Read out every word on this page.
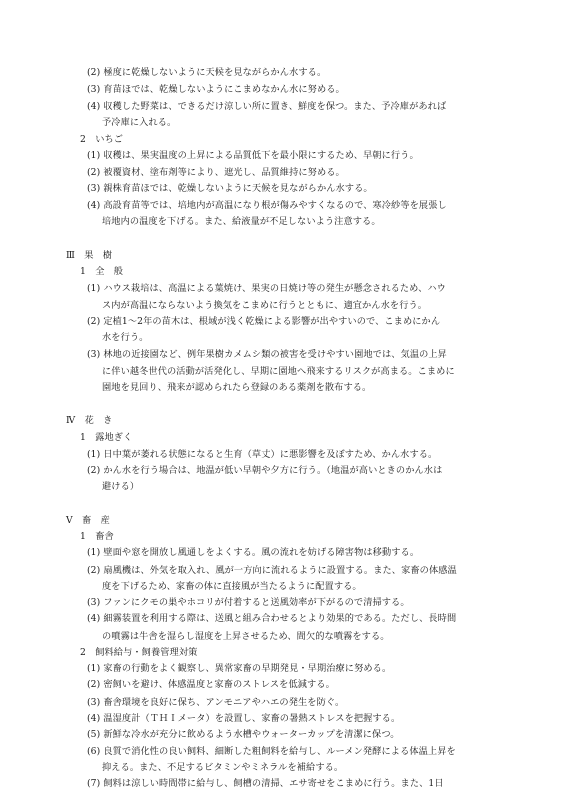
(2) 極度に乾燥しないように天候を見ながらかん水する。
(3) 育苗ほでは、乾燥しないようにこまめなかん水に努める。
(4) 収穫した野菜は、できるだけ涼しい所に置き、鮮度を保つ。また、予冷庫があれば
予冷庫に入れる。
2　いちご
(1) 収穫は、果実温度の上昇による品質低下を最小限にするため、早朝に行う。
(2) 被覆資材、塗布剤等により、遮光し、品質維持に努める。
(3) 親株育苗ほでは、乾燥しないように天候を見ながらかん水する。
(4) 高設育苗等では、培地内が高温になり根が傷みやすくなるので、寒冷紗等を展張し
培地内の温度を下げる。また、給液量が不足しないよう注意する。
Ⅲ　果　樹
1　全　般
(1) ハウス栽培は、高温による葉焼け、果実の日焼け等の発生が懸念されるため、ハウ
ス内が高温にならないよう換気をこまめに行うとともに、適宜かん水を行う。
(2) 定植1～2年の苗木は、根域が浅く乾燥による影響が出やすいので、こまめにかん
水を行う。
(3) 林地の近接園など、例年果樹カメムシ類の被害を受けやすい園地では、気温の上昇
に伴い越冬世代の活動が活発化し、早期に園地へ飛来するリスクが高まる。こまめに
園地を見回り、飛来が認められたら登録のある薬剤を散布する。
Ⅳ　花　き
1　露地ぎく
(1) 日中葉が萎れる状態になると生育（草丈）に悪影響を及ぼすため、かん水する。
(2) かん水を行う場合は、地温が低い早朝や夕方に行う。（地温が高いときのかん水は
避ける）
Ⅴ　畜　産
1　畜舎
(1) 壁面や窓を開放し風通しをよくする。風の流れを妨げる障害物は移動する。
(2) 扇風機は、外気を取入れ、風が一方向に流れるように設置する。また、家畜の体感温
度を下げるため、家畜の体に直接風が当たるように配置する。
(3) ファンにクモの巣やホコリが付着すると送風効率が下がるので清掃する。
(4) 細霧装置を利用する際は、送風と組み合わせるとより効果的である。ただし、長時間
の噴霧は牛舎を湿らし湿度を上昇させるため、間欠的な噴霧をする。
2　飼料給与・飼養管理対策
(1) 家畜の行動をよく観察し、異常家畜の早期発見・早期治療に努める。
(2) 密飼いを避け、体感温度と家畜のストレスを低減する。
(3) 畜舎環境を良好に保ち、アンモニアやハエの発生を防ぐ。
(4) 温湿度計（ＴＨＩメータ）を設置し、家畜の暑熱ストレスを把握する。
(5) 新鮮な冷水が充分に飲めるよう水槽やウォーターカップを清潔に保つ。
(6) 良質で消化性の良い飼料、細断した粗飼料を給与し、ルーメン発酵による体温上昇を
抑える。また、不足するビタミンやミネラルを補給する。
(7) 飼料は涼しい時間帯に給与し、飼槽の清掃、エサ寄せをこまめに行う。また、1日
